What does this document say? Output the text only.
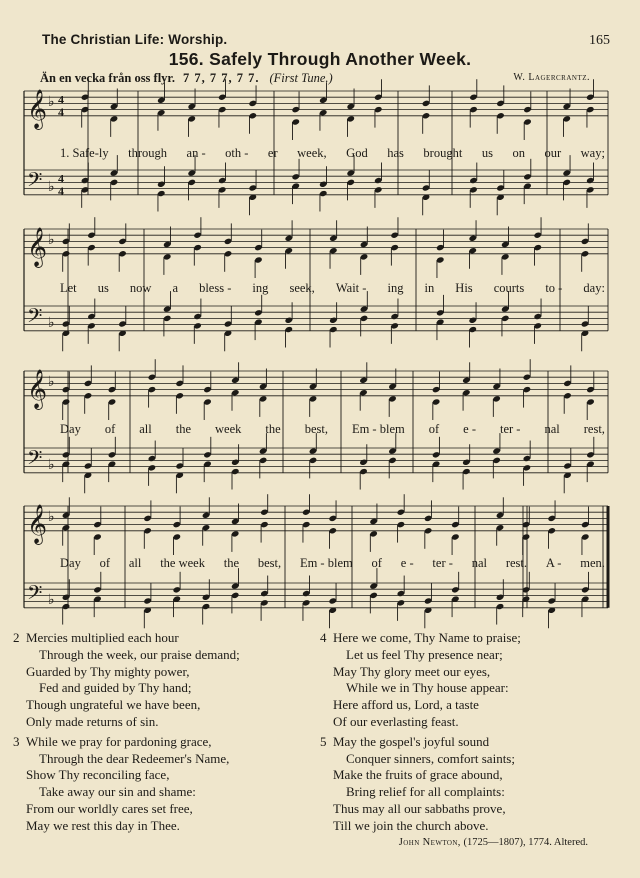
The Christian Life: Worship.	165
156. Safely Through Another Week.
Än en vecka från oss flyr. 7 7, 7 7, 7 7. (First Tune.)	W. Lagercrantz.
𝄞
𝄢
♭
♭
4
4
4
4
𝄞
𝄢
♭
♭
𝄞
𝄢
♭
♭
𝄞
𝄢
♭
♭
1. Safe-ly through an - oth - er week, God has brought us on our way;
Let us now a bless - ing seek, Wait - ing in His courts to - day:
Day of all the week the best, Em - blem of e - ter - nal rest,
Day of all the week the best, Em - blem of e - ter - nal rest. A - men.
2 Mercies multiplied each hour
Through the week, our praise demand;
Guarded by Thy mighty power,
Fed and guided by Thy hand;
Though ungrateful we have been,
Only made returns of sin.
3 While we pray for pardoning grace,
Through the dear Redeemer's Name,
Show Thy reconciling face,
Take away our sin and shame:
From our worldly cares set free,
May we rest this day in Thee.
4 Here we come, Thy Name to praise;
Let us feel Thy presence near;
May Thy glory meet our eyes,
While we in Thy house appear:
Here afford us, Lord, a taste
Of our everlasting feast.
5 May the gospel's joyful sound
Conquer sinners, comfort saints;
Make the fruits of grace abound,
Bring relief for all complaints:
Thus may all our sabbaths prove,
Till we join the church above.
John Newton, (1725—1807), 1774. Altered.
